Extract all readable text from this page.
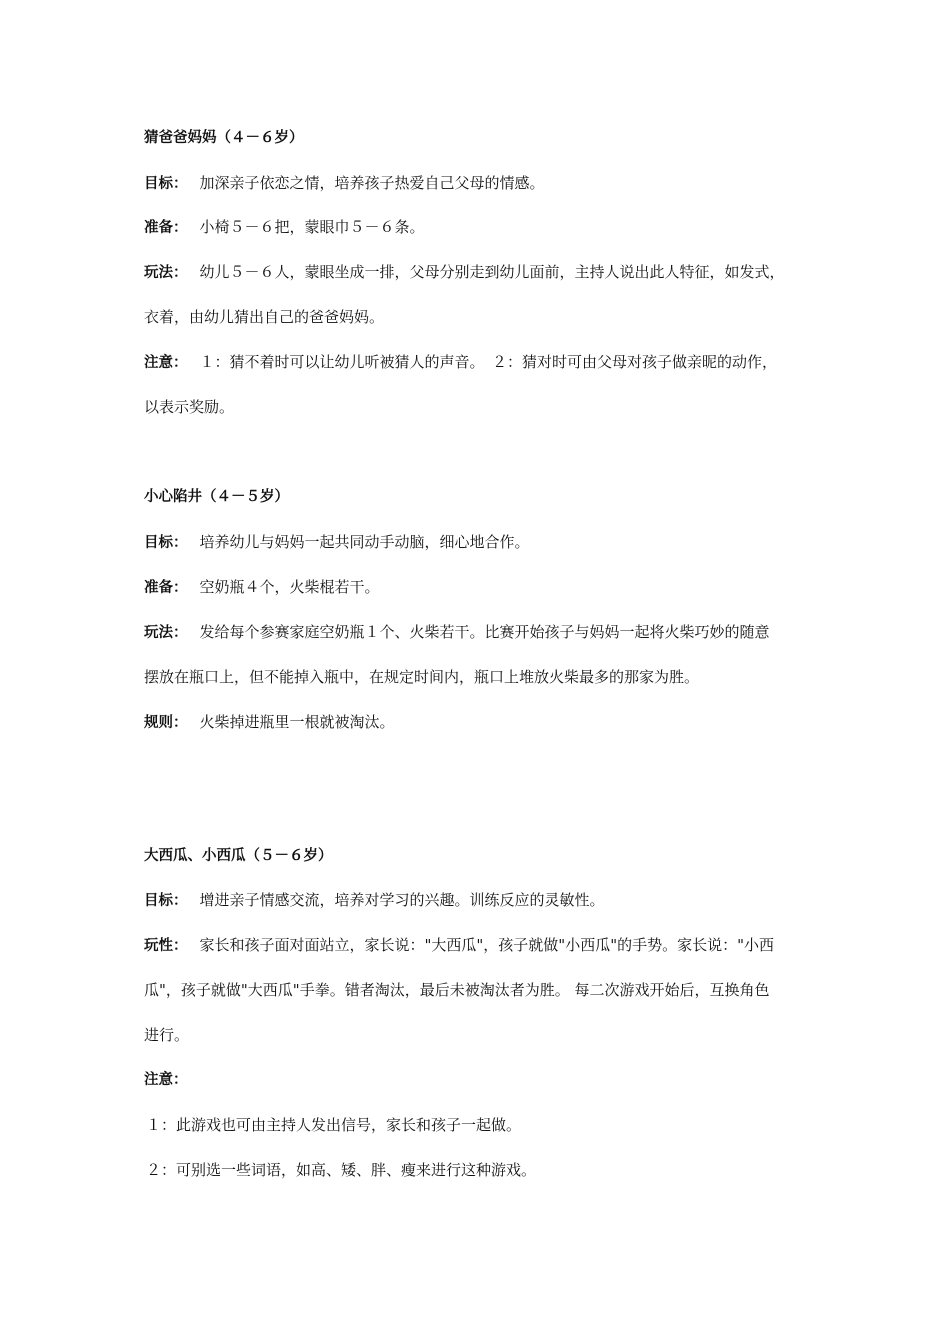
猜爸爸妈妈（４－６岁）
目标： 加深亲子依恋之情，培养孩子热爱自己父母的情感。
准备： 小椅５－６把，蒙眼巾５－６条。
玩法： 幼儿５－６人，蒙眼坐成一排，父母分别走到幼儿面前，主持人说出此人特征，如发式，
衣着，由幼儿猜出自己的爸爸妈妈。
注意： １：猜不着时可以让幼儿听被猜人的声音。　２：猜对时可由父母对孩子做亲昵的动作，
以表示奖励。
小心陷井（４－５岁）
目标： 培养幼儿与妈妈一起共同动手动脑，细心地合作。
准备： 空奶瓶４个，火柴棍若干。
玩法： 发给每个参赛家庭空奶瓶１个、火柴若干。比赛开始孩子与妈妈一起将火柴巧妙的随意
摆放在瓶口上，但不能掉入瓶中，在规定时间内，瓶口上堆放火柴最多的那家为胜。
规则： 火柴掉进瓶里一根就被淘汰。
大西瓜、小西瓜（５－６岁）
目标： 增进亲子情感交流，培养对学习的兴趣。训练反应的灵敏性。
玩性： 家长和孩子面对面站立，家长说："大西瓜"，孩子就做"小西瓜"的手势。家长说："小西
瓜"，孩子就做"大西瓜"手拳。错者淘汰，最后未被淘汰者为胜。 每二次游戏开始后，互换角色
进行。
注意：
１：此游戏也可由主持人发出信号，家长和孩子一起做。
２：可别选一些词语，如高、矮、胖、瘦来进行这种游戏。
